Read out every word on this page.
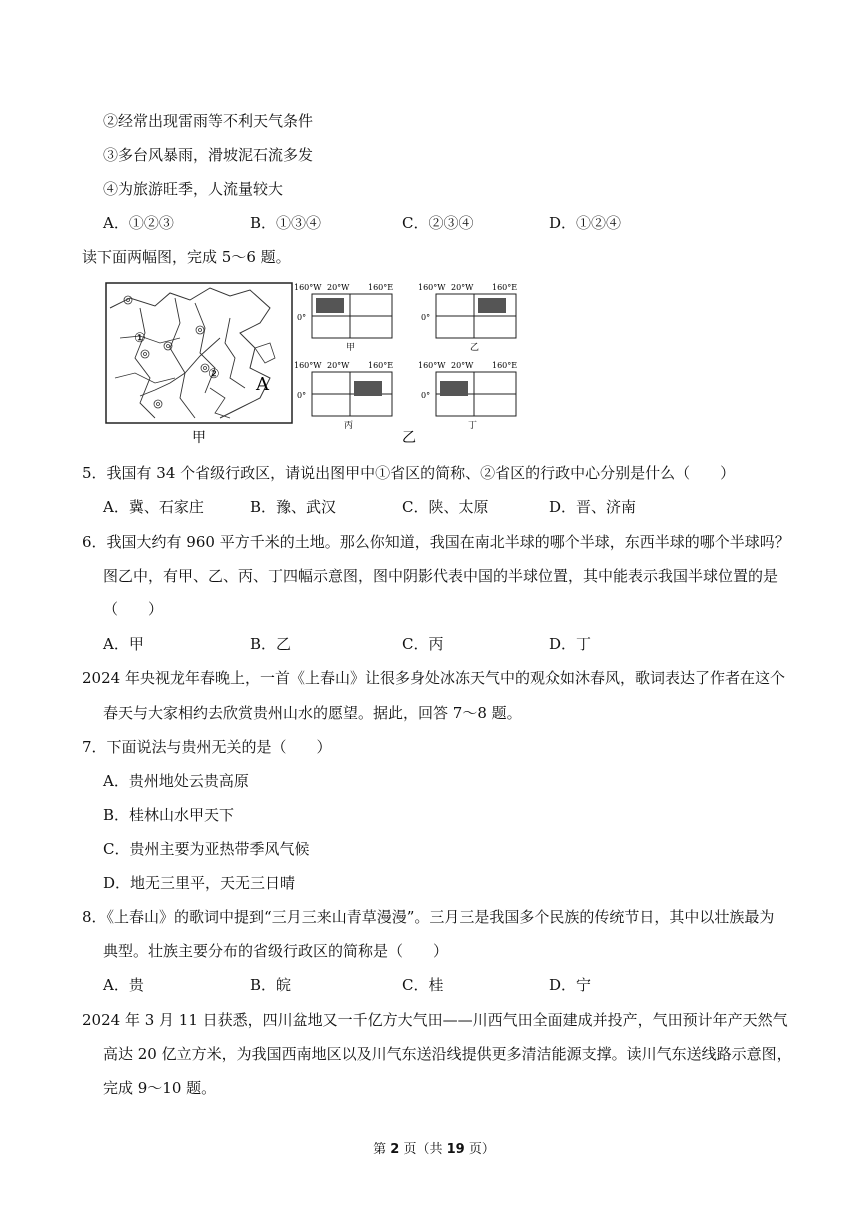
②经常出现雷雨等不利天气条件
③多台风暴雨，滑坡泥石流多发
④为旅游旺季，人流量较大
A．①②③	B．①③④	C．②③④	D．①②④
读下面两幅图，完成 5～6 题。
①
② A
甲
160°W 20°W 160°E
0°
甲
160°W 20°W 160°E
0°
乙
160°W 20°W 160°E
0°
丙
160°W 20°W 160°E
0°
丁
乙
5．我国有 34 个省级行政区，请说出图甲中①省区的简称、②省区的行政中心分别是什么（　　）
A．冀、石家庄	B．豫、武汉	C．陕、太原	D．晋、济南
6．我国大约有 960 平方千米的土地。那么你知道，我国在南北半球的哪个半球，东西半球的哪个半球吗？
图乙中，有甲、乙、丙、丁四幅示意图，图中阴影代表中国的半球位置，其中能表示我国半球位置的是
（　　）
A．甲	B．乙	C．丙	D．丁
2024 年央视龙年春晚上，一首《上春山》让很多身处冰冻天气中的观众如沐春风，歌词表达了作者在这个
春天与大家相约去欣赏贵州山水的愿望。据此，回答 7～8 题。
7．下面说法与贵州无关的是（　　）
A．贵州地处云贵高原
B．桂林山水甲天下
C．贵州主要为亚热带季风气候
D．地无三里平，天无三日晴
8．《上春山》的歌词中提到“三月三来山青草漫漫”。三月三是我国多个民族的传统节日，其中以壮族最为
典型。壮族主要分布的省级行政区的简称是（　　）
A．贵	B．皖	C．桂	D．宁
2024 年 3 月 11 日获悉，四川盆地又一千亿方大气田——川西气田全面建成并投产，气田预计年产天然气
高达 20 亿立方米，为我国西南地区以及川气东送沿线提供更多清洁能源支撑。读川气东送线路示意图，
完成 9～10 题。
第 2 页（共 19 页）
